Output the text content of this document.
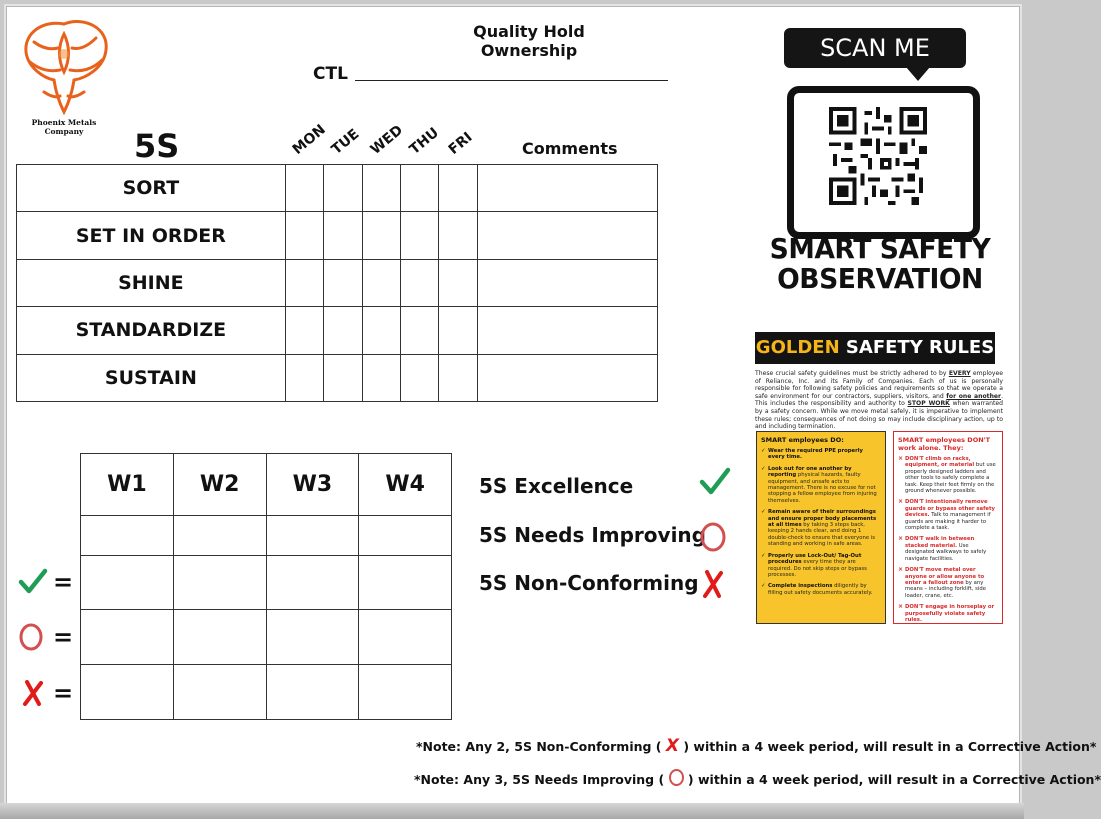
Phoenix Metals Company
Quality Hold Ownership
CTL
5S	MON TUE WED THU FRI	Comments
SORT						
SET IN ORDER						
SHINE						
STANDARDIZE						
SUSTAIN						
W1	W2	W3	W4

=
=
=
5S Excellence
5S Needs Improving
5S Non-Conforming
SCAN ME
SMART SAFETY
OBSERVATION
GOLDEN SAFETY RULES
These crucial safety guidelines must be strictly adhered to by EVERY employee of Reliance, Inc. and its Family of Companies. Each of us is personally responsible for following safety policies and requirements so that we operate a safe environment for our contractors, suppliers, visitors, and for one another. This includes the responsibility and authority to STOP WORK when warranted by a safety concern. While we move metal safely, it is imperative to implement these rules; consequences of not doing so may include disciplinary action, up to and including termination.
SMART employees DO:
✓ Wear the required PPE properly every time.
✓ Look out for one another by reporting physical hazards, faulty equipment, and unsafe acts to management. There is no excuse for not stopping a fellow employee from injuring themselves.
✓ Remain aware of their surroundings and ensure proper body placements at all times by taking 3 steps back, keeping 2 hands clear, and doing 1 double-check to ensure that everyone is standing and working in safe areas.
✓ Properly use Lock-Out/ Tag-Out procedures every time they are required. Do not skip steps or bypass processes.
✓ Complete inspections diligently by filling out safety documents accurately.
SMART employees DON'T work alone. They:
× DON'T climb on racks, equipment, or material but use properly designed ladders and other tools to safely complete a task. Keep their feet firmly on the ground whenever possible.
× DON'T intentionally remove guards or bypass other safety devices. Talk to management if guards are making it harder to complete a task.
× DON'T walk in between stacked material. Use designated walkways to safely navigate facilities.
× DON'T move metal over anyone or allow anyone to enter a fallout zone by any means – including forklift, side loader, crane, etc.
× DON'T engage in horseplay or purposefully violate safety rules.
*Note: Any 2, 5S Non-Conforming ( X ) within a 4 week period, will result in a Corrective Action*
*Note: Any 3, 5S Needs Improving ( ○ ) within a 4 week period, will result in a Corrective Action*
